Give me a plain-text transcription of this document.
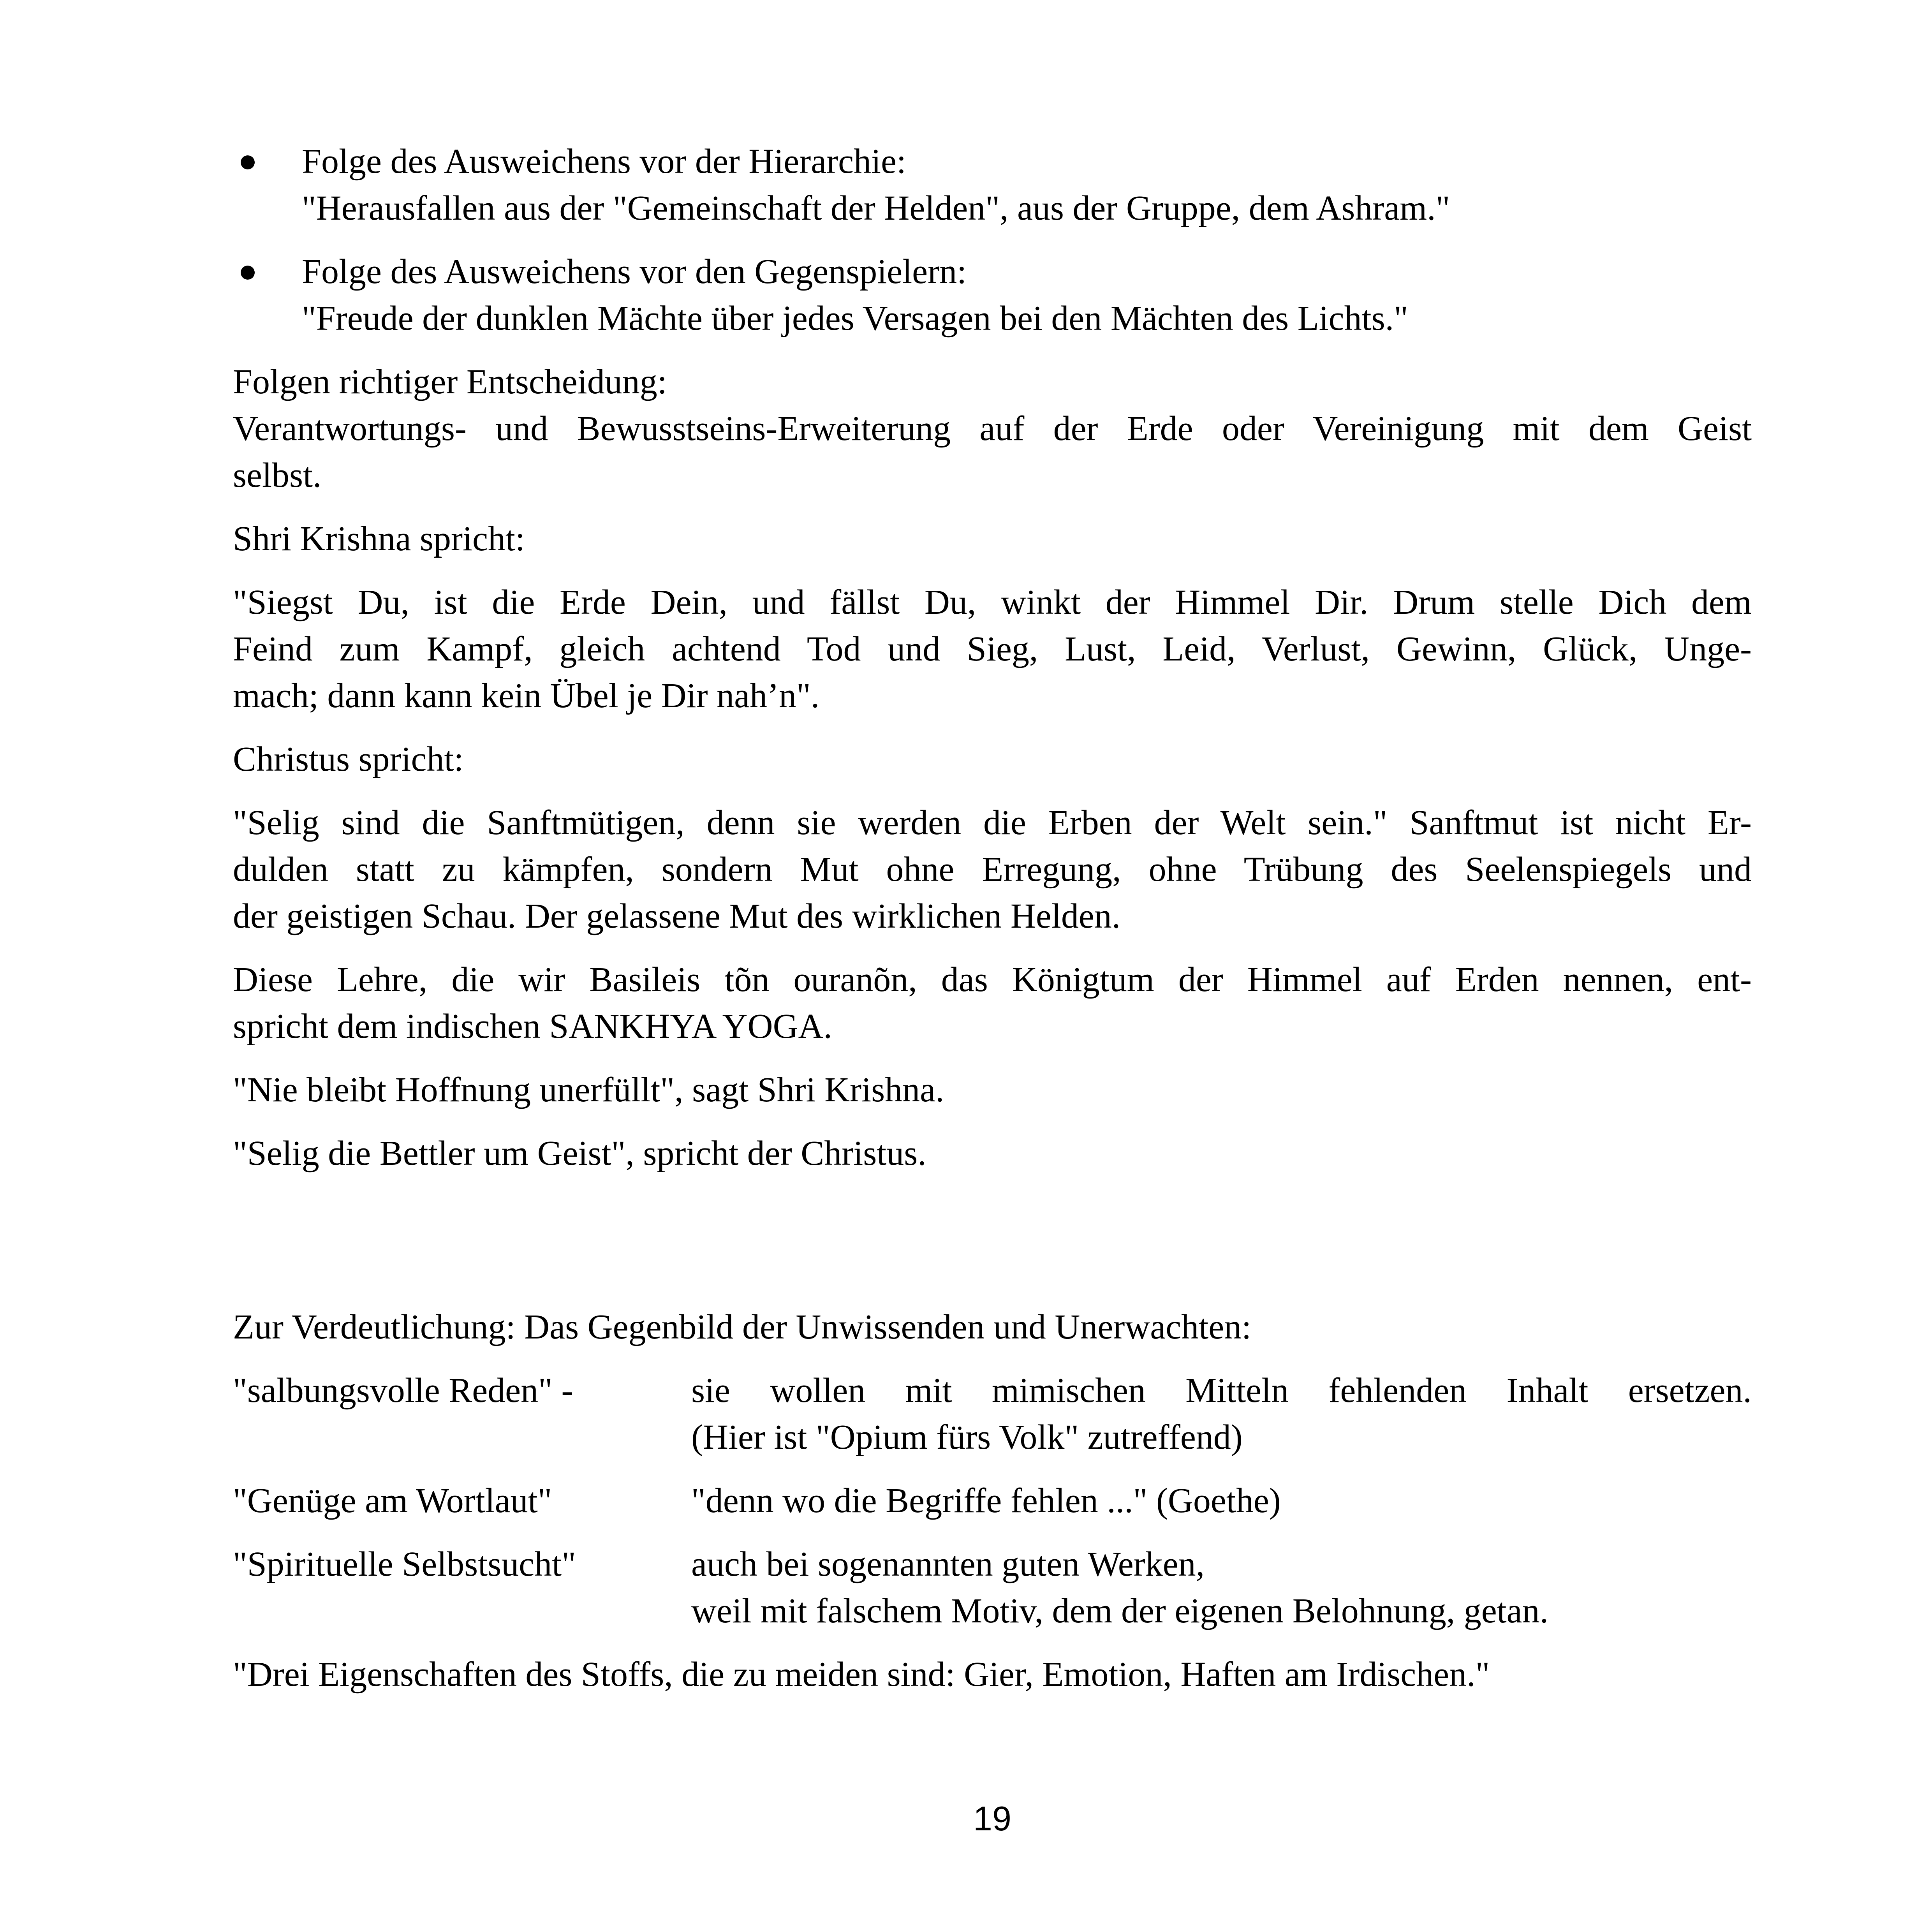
Folge des Ausweichens vor der Hierarchie:
"Herausfallen aus der "Gemeinschaft der Helden", aus der Gruppe, dem Ashram."
Folge des Ausweichens vor den Gegenspielern:
"Freude der dunklen Mächte über jedes Versagen bei den Mächten des Lichts."
Folgen richtiger Entscheidung:
Verantwortungs- und Bewusstseins-Erweiterung auf der Erde oder Vereinigung mit dem Geist
selbst.
Shri Krishna spricht:
"Siegst Du, ist die Erde Dein, und fällst Du, winkt der Himmel Dir. Drum stelle Dich dem
Feind zum Kampf, gleich achtend Tod und Sieg, Lust, Leid, Verlust, Gewinn, Glück, Unge-
mach; dann kann kein Übel je Dir nah’n".
Christus spricht:
"Selig sind die Sanftmütigen, denn sie werden die Erben der Welt sein." Sanftmut ist nicht Er-
dulden statt zu kämpfen, sondern Mut ohne Erregung, ohne Trübung des Seelenspiegels und
der geistigen Schau. Der gelassene Mut des wirklichen Helden.
Diese Lehre, die wir Basileis tõn ouranõn, das Königtum der Himmel auf Erden nennen, ent-
spricht dem indischen SANKHYA YOGA.
"Nie bleibt Hoffnung unerfüllt", sagt Shri Krishna.
"Selig die Bettler um Geist", spricht der Christus.
Zur Verdeutlichung: Das Gegenbild der Unwissenden und Unerwachten:
"salbungsvolle Reden" -	sie wollen mit mimischen Mitteln fehlenden Inhalt ersetzen.
(Hier ist "Opium fürs Volk" zutreffend)
"Genüge am Wortlaut"	"denn wo die Begriffe fehlen ..." (Goethe)
"Spirituelle Selbstsucht"	auch bei sogenannten guten Werken,
weil mit falschem Motiv, dem der eigenen Belohnung, getan.
"Drei Eigenschaften des Stoffs, die zu meiden sind: Gier, Emotion, Haften am Irdischen."
19
